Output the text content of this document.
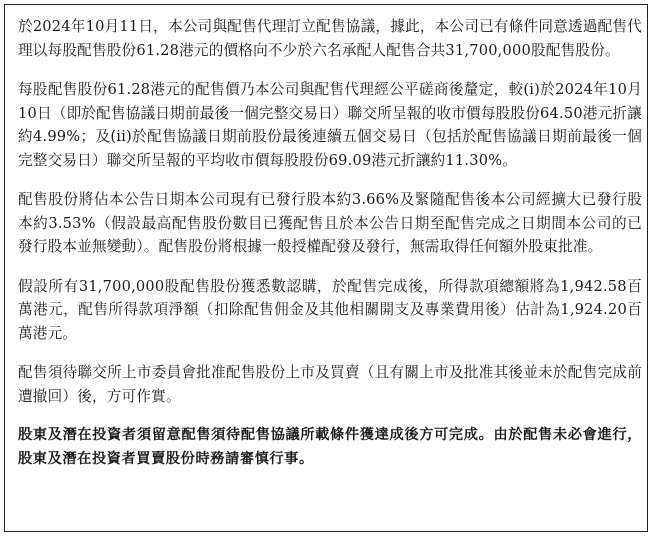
於2024年10月11日，本公司與配售代理訂立配售協議，據此，本公司已有條件同意透過配售代理以每股配售股份61.28港元的價格向不少於六名承配人配售合共31,700,000股配售股份。

每股配售股份61.28港元的配售價乃本公司與配售代理經公平磋商後釐定，較(i)於2024年10月10日（即於配售協議日期前最後一個完整交易日）聯交所呈報的收市價每股股份64.50港元折讓約4.99%；及(ii)於配售協議日期前股份最後連續五個交易日（包括於配售協議日期前最後一個完整交易日）聯交所呈報的平均收市價每股股份69.09港元折讓約11.30%。

配售股份將佔本公告日期本公司現有已發行股本約3.66%及緊隨配售後本公司經擴大已發行股本約3.53%（假設最高配售股份數目已獲配售且於本公告日期至配售完成之日期間本公司的已發行股本並無變動）。配售股份將根據一般授權配發及發行，無需取得任何額外股東批准。

假設所有31,700,000股配售股份獲悉數認購，於配售完成後，所得款項總額將為1,942.58百萬港元，配售所得款項淨額（扣除配售佣金及其他相關開支及專業費用後）估計為1,924.20百萬港元。

配售須待聯交所上市委員會批准配售股份上市及買賣（且有關上市及批准其後並未於配售完成前遭撤回）後，方可作實。

股東及潛在投資者須留意配售須待配售協議所載條件獲達成後方可完成。由於配售未必會進行，股東及潛在投資者買賣股份時務請審慎行事。
